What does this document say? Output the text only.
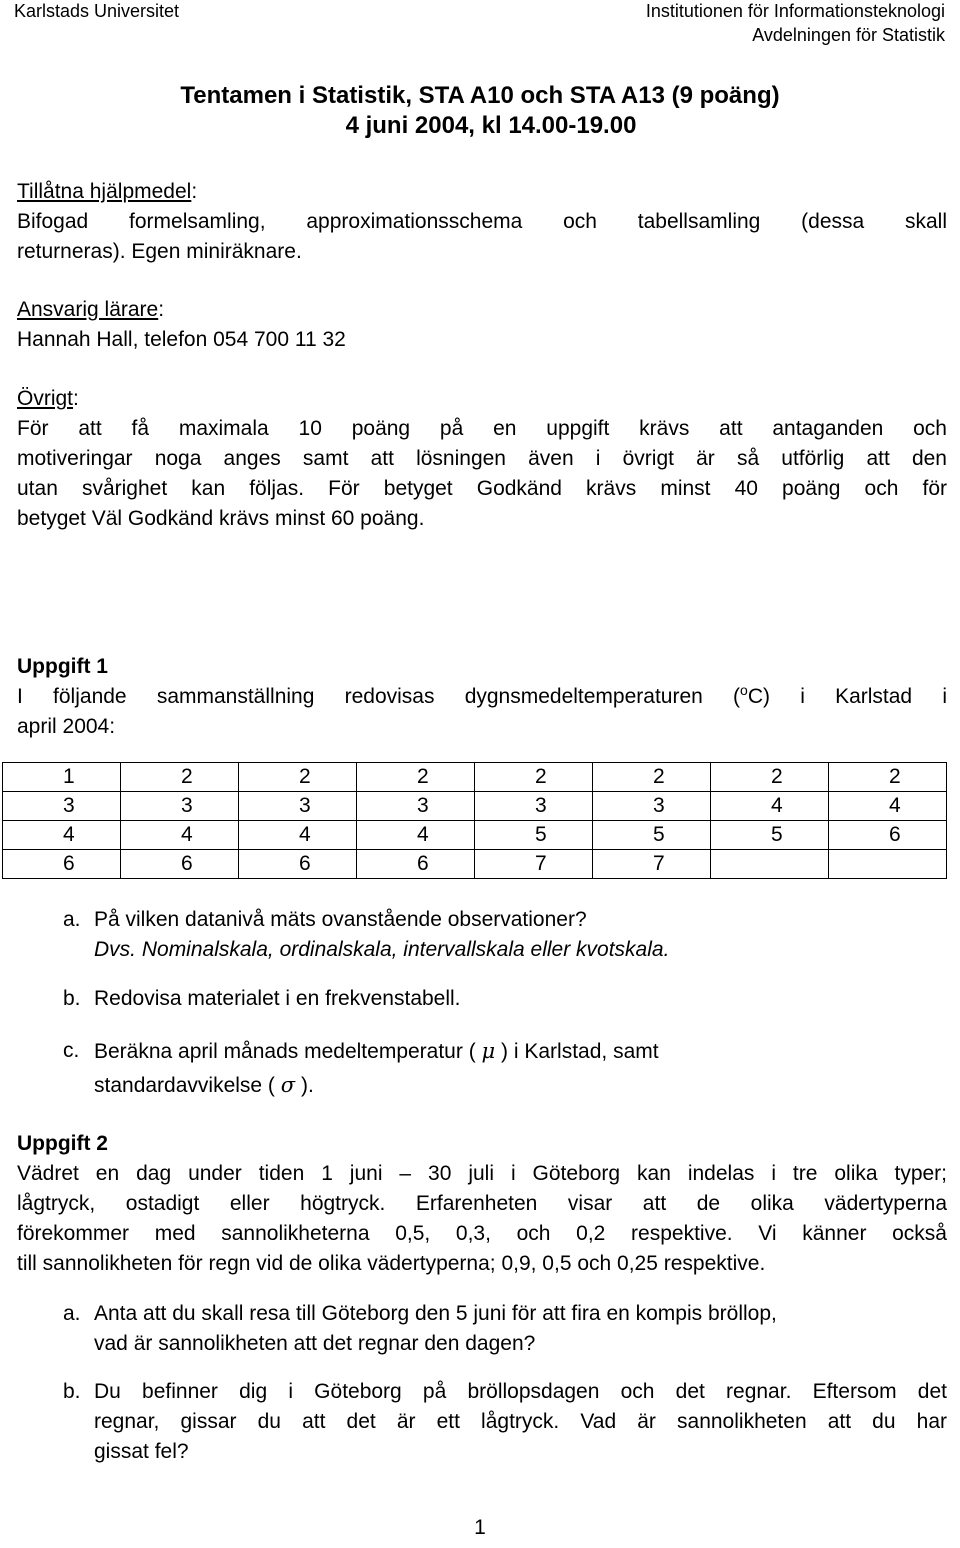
Karlstads Universitet	Institutionen för Informationsteknologi
Avdelningen för Statistik
Tentamen i Statistik, STA A10 och STA A13 (9 poäng)
4 juni 2004, kl 14.00-19.00
Tillåtna hjälpmedel:
Bifogad formelsamling, approximationsschema och tabellsamling (dessa skall
returneras). Egen miniräknare.
Ansvarig lärare:
Hannah Hall, telefon 054 700 11 32
Övrigt:
För att få maximala 10 poäng på en uppgift krävs att antaganden och
motiveringar noga anges samt att lösningen även i övrigt är så utförlig att den
utan svårighet kan följas. För betyget Godkänd krävs minst 40 poäng och för
betyget Väl Godkänd krävs minst 60 poäng.
Uppgift 1
I följande sammanställning redovisas dygnsmedeltemperaturen ($^o$C) i Karlstad i
april 2004:
1	2	2	2	2	2	2	2
3	3	3	3	3	3	4	4
4	4	4	4	5	5	5	6
6	6	6	6	7	7		
a. På vilken datanivå mäts ovanstående observationer?
Dvs. Nominalskala, ordinalskala, intervallskala eller kvotskala.
b. Redovisa materialet i en frekvenstabell.
c. Beräkna april månads medeltemperatur ( μ ) i Karlstad, samt
standardavvikelse ( σ ).
Uppgift 2
Vädret en dag under tiden 1 juni – 30 juli i Göteborg kan indelas i tre olika typer;
lågtryck, ostadigt eller högtryck. Erfarenheten visar att de olika vädertyperna
förekommer med sannolikheterna 0,5, 0,3, och 0,2 respektive. Vi känner också
till sannolikheten för regn vid de olika vädertyperna; 0,9, 0,5 och 0,25 respektive.
a. Anta att du skall resa till Göteborg den 5 juni för att fira en kompis bröllop,
vad är sannolikheten att det regnar den dagen?
b. Du befinner dig i Göteborg på bröllopsdagen och det regnar. Eftersom det
regnar, gissar du att det är ett lågtryck. Vad är sannolikheten att du har
gissat fel?
1
